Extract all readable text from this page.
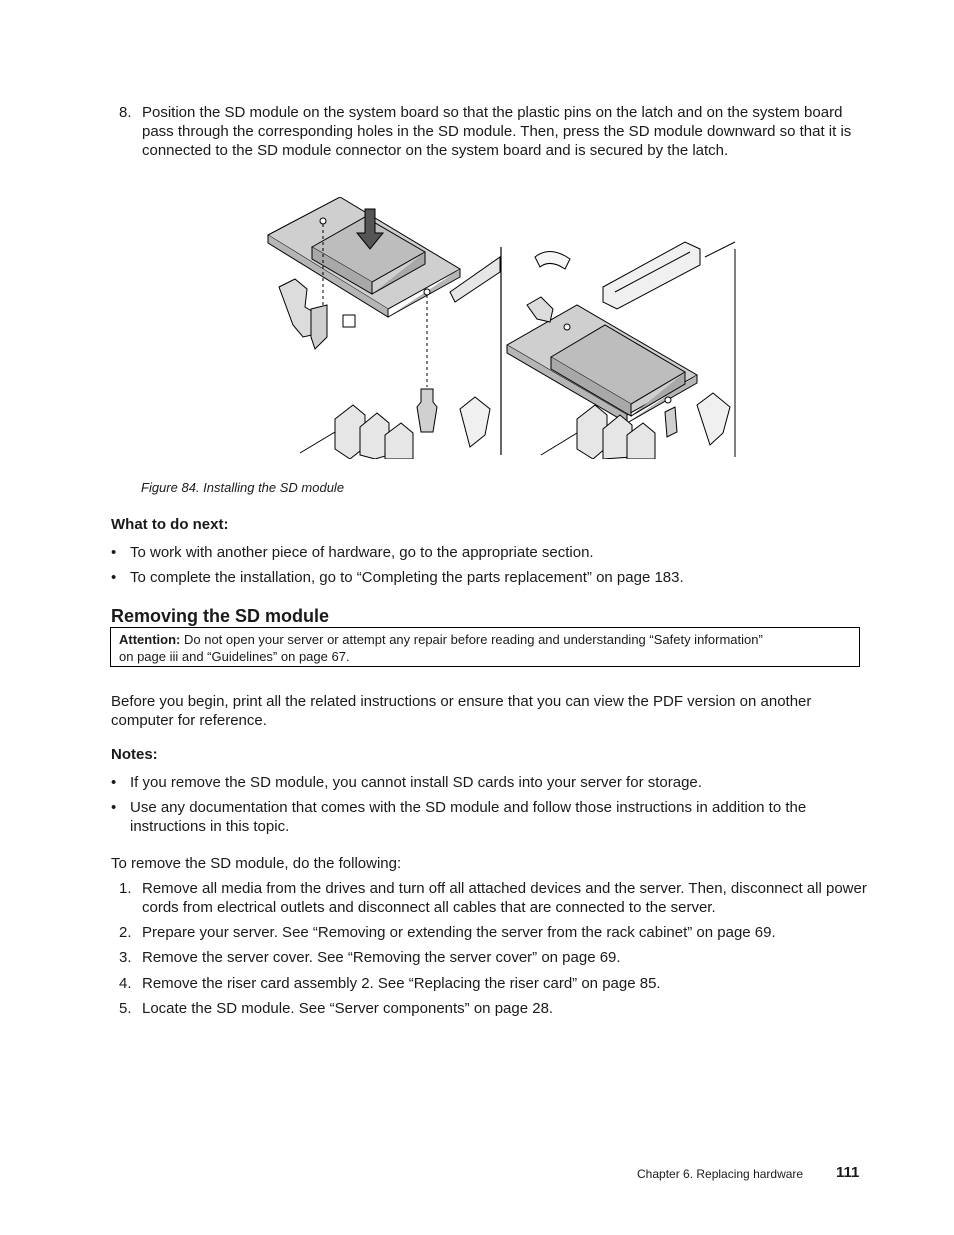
8. Position the SD module on the system board so that the plastic pins on the latch and on the system board pass through the corresponding holes in the SD module. Then, press the SD module downward so that it is connected to the SD module connector on the system board and is secured by the latch.
Figure 84. Installing the SD module
What to do next:
• To work with another piece of hardware, go to the appropriate section.
• To complete the installation, go to “Completing the parts replacement” on page 183.
Removing the SD module
Attention: Do not open your server or attempt any repair before reading and understanding “Safety information”
on page iii and “Guidelines” on page 67.
Before you begin, print all the related instructions or ensure that you can view the PDF version on another computer for reference.
Notes:
• If you remove the SD module, you cannot install SD cards into your server for storage.
• Use any documentation that comes with the SD module and follow those instructions in addition to the instructions in this topic.
To remove the SD module, do the following:
1. Remove all media from the drives and turn off all attached devices and the server. Then, disconnect all power cords from electrical outlets and disconnect all cables that are connected to the server.
2. Prepare your server. See “Removing or extending the server from the rack cabinet” on page 69.
3. Remove the server cover. See “Removing the server cover” on page 69.
4. Remove the riser card assembly 2. See “Replacing the riser card” on page 85.
5. Locate the SD module. See “Server components” on page 28.
Chapter 6. Replacing hardware	111
